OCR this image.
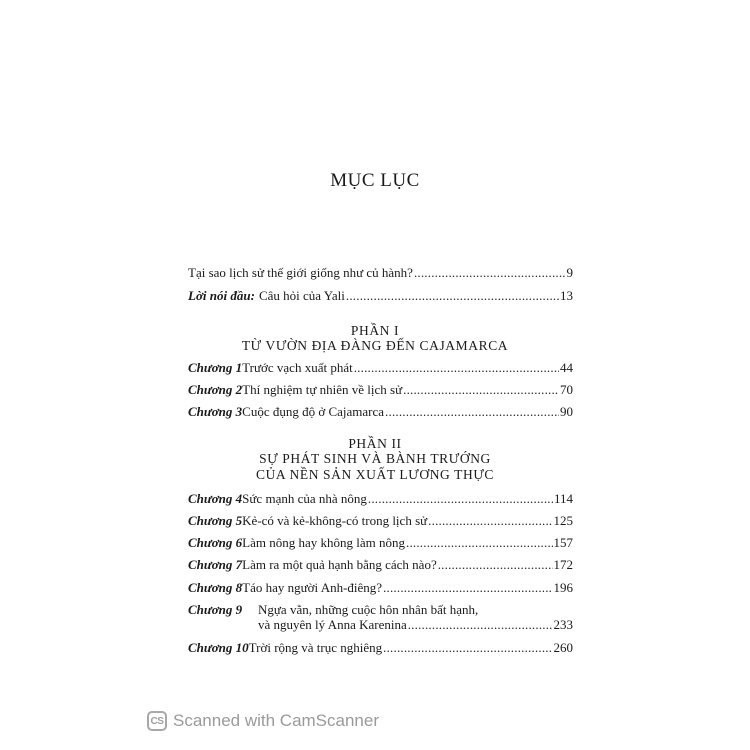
MỤC LỤC
Tại sao lịch sử thế giới giống như củ hành? .....	9
Lời nói đầu: Câu hỏi của Yali .....	13
PHẦN I
TỪ VƯỜN ĐỊA ĐÀNG ĐẾN CAJAMARCA
Chương 1 Trước vạch xuất phát .....	44
Chương 2 Thí nghiệm tự nhiên về lịch sử .....	70
Chương 3 Cuộc đụng độ ở Cajamarca .....	90
PHẦN II
SỰ PHÁT SINH VÀ BÀNH TRƯỚNG
CỦA NỀN SẢN XUẤT LƯƠNG THỰC
Chương 4 Sức mạnh của nhà nông .....	114
Chương 5 Kẻ-có và kẻ-không-có trong lịch sử .....	125
Chương 6 Làm nông hay không làm nông .....	157
Chương 7 Làm ra một quả hạnh bằng cách nào? .....	172
Chương 8 Táo hay người Anh-điêng? .....	196
Chương 9 Ngựa vằn, những cuộc hôn nhân bất hạnh,
và nguyên lý Anna Karenina .....	233
Chương 10 Trời rộng và trục nghiêng .....	260
CS Scanned with CamScanner
